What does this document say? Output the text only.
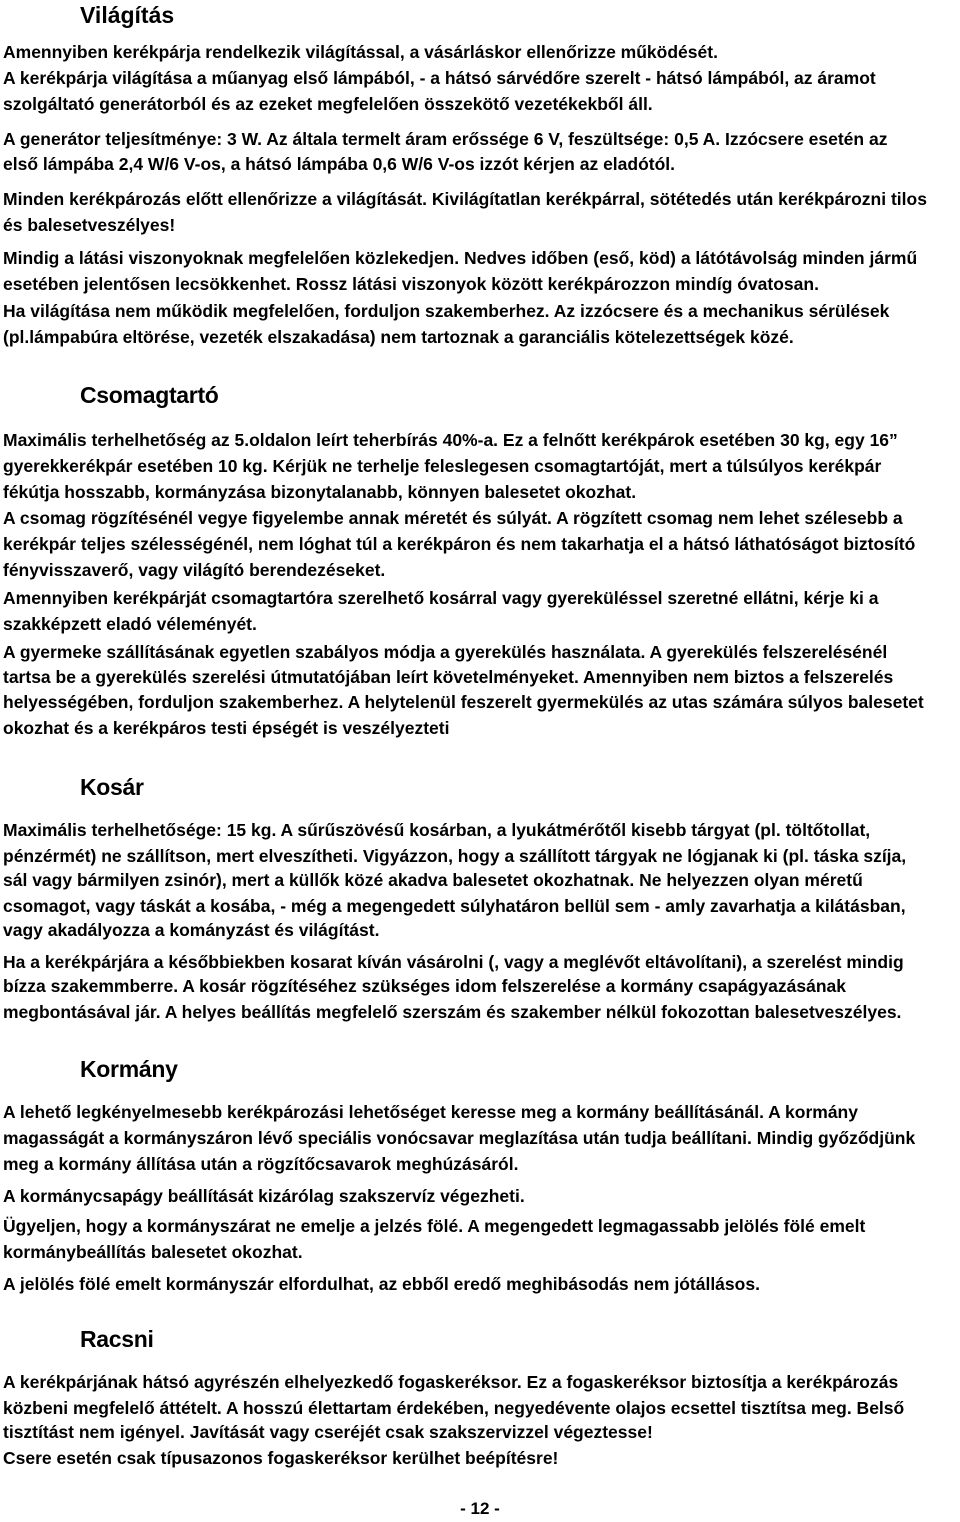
Világítás
Amennyiben kerékpárja rendelkezik világítással, a vásárláskor ellenőrizze működését.
A kerékpárja világítása a műanyag első lámpából, - a hátsó sárvédőre szerelt - hátsó lámpából, az áramot
szolgáltató generátorból és az ezeket megfelelően összekötő vezetékekből áll.
A generátor teljesítménye: 3 W. Az általa termelt áram erőssége 6 V, feszültsége: 0,5 A. Izzócsere esetén az
első lámpába 2,4 W/6 V-os, a hátsó lámpába 0,6 W/6 V-os izzót kérjen az eladótól.
Minden kerékpározás előtt ellenőrizze a világítását. Kivilágítatlan kerékpárral, sötétedés után kerékpározni tilos
és balesetveszélyes!
Mindig a látási viszonyoknak megfelelően közlekedjen. Nedves időben (eső, köd) a látótávolság minden jármű
esetében jelentősen lecsökkenhet. Rossz látási viszonyok között kerékpározzon mindíg óvatosan.
Ha világítása nem működik megfelelően, forduljon szakemberhez. Az izzócsere és a mechanikus sérülések
(pl.lámpabúra eltörése, vezeték elszakadása) nem tartoznak a garanciális kötelezettségek közé.
Csomagtartó
Maximális terhelhetőség az 5.oldalon leírt teherbírás 40%-a. Ez a felnőtt kerékpárok esetében 30 kg, egy 16”
gyerekkerékpár esetében 10 kg. Kérjük ne terhelje feleslegesen csomagtartóját, mert a túlsúlyos kerékpár
fékútja hosszabb, kormányzása bizonytalanabb, könnyen balesetet okozhat.
A csomag rögzítésénél vegye figyelembe annak méretét és súlyát. A rögzített csomag nem lehet szélesebb a
kerékpár teljes szélességénél, nem lóghat túl a kerékpáron és nem takarhatja el a hátsó láthatóságot biztosító
fényvisszaverő, vagy világító berendezéseket.
Amennyiben kerékpárját csomagtartóra szerelhető kosárral vagy gyereküléssel szeretné ellátni, kérje ki a
szakképzett eladó véleményét.
A gyermeke szállításának egyetlen szabályos módja a gyerekülés használata. A gyerekülés felszerelésénél
tartsa be a gyerekülés szerelési útmutatójában leírt követelményeket. Amennyiben nem biztos a felszerelés
helyességében, forduljon szakemberhez. A helytelenül feszerelt gyermekülés az utas számára súlyos balesetet
okozhat és a kerékpáros testi épségét is veszélyezteti
Kosár
Maximális terhelhetősége: 15 kg. A sűrűszövésű kosárban, a lyukátmérőtől kisebb tárgyat (pl. töltőtollat,
pénzérmét) ne szállítson, mert elveszítheti. Vigyázzon, hogy a szállított tárgyak ne lógjanak ki (pl. táska szíja,
sál vagy bármilyen zsinór), mert a küllők közé akadva balesetet okozhatnak. Ne helyezzen olyan méretű
csomagot, vagy táskát a kosába, - még a megengedett súlyhatáron bellül sem - amly zavarhatja a kilátásban,
vagy akadályozza a kományzást és világítást.
Ha a kerékpárjára a későbbiekben kosarat kíván vásárolni (, vagy a meglévőt eltávolítani), a szerelést mindig
bízza szakemmberre. A kosár rögzítéséhez szükséges idom felszerelése a kormány csapágyazásának
megbontásával jár. A helyes beállítás megfelelő szerszám és szakember nélkül fokozottan balesetveszélyes.
Kormány
A lehető legkényelmesebb kerékpározási lehetőséget keresse meg a kormány beállításánál. A kormány
magasságát a kormányszáron lévő speciális vonócsavar meglazítása után tudja beállítani. Mindig győződjünk
meg a kormány állítása után a rögzítőcsavarok meghúzásáról.
A kormánycsapágy beállítását kizárólag szakszervíz végezheti.
Ügyeljen, hogy a kormányszárat ne emelje a jelzés fölé. A megengedett legmagassabb jelölés fölé emelt
kormánybeállítás balesetet okozhat.
A jelölés fölé emelt kormányszár elfordulhat, az ebből eredő meghibásodás nem jótállásos.
Racsni
A kerékpárjának hátsó agyrészén elhelyezkedő fogaskeréksor. Ez a fogaskeréksor biztosítja a kerékpározás
közbeni megfelelő áttételt. A hosszú élettartam érdekében, negyedévente olajos ecsettel tisztítsa meg. Belső
tisztítást nem igényel. Javítását vagy cseréjét csak szakszervizzel végeztesse!
Csere esetén csak típusazonos fogaskeréksor kerülhet beépítésre!
- 12 -
